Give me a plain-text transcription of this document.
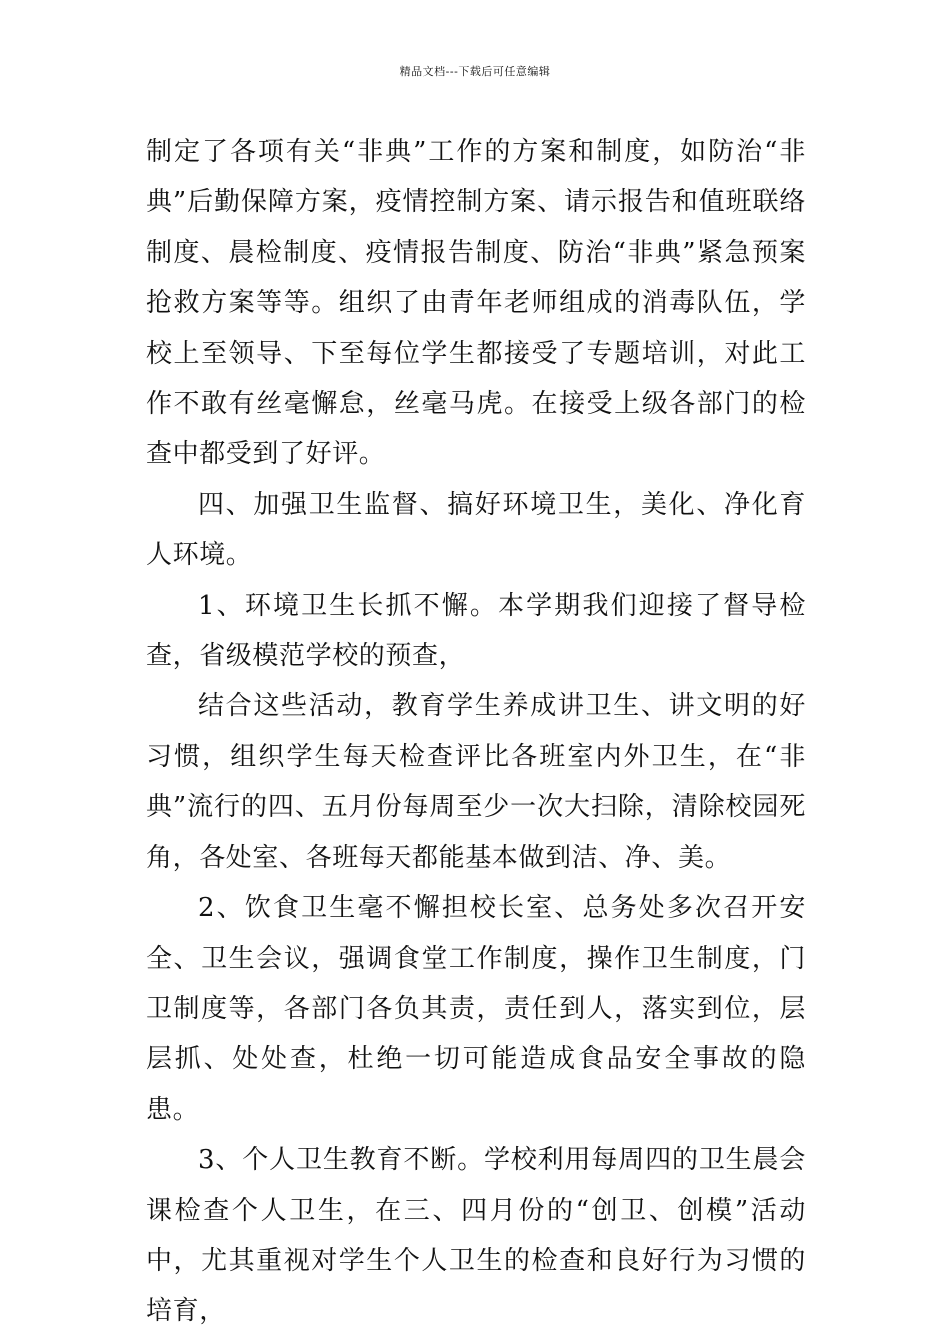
精品文档---下载后可任意编辑

制定了各项有关“非典”工作的方案和制度，如防治“非典”后勤保障方案，疫情控制方案、请示报告和值班联络制度、晨检制度、疫情报告制度、防治“非典”紧急预案抢救方案等等。组织了由青年老师组成的消毒队伍，学校上至领导、下至每位学生都接受了专题培训，对此工作不敢有丝毫懈怠，丝毫马虎。在接受上级各部门的检查中都受到了好评。

四、加强卫生监督、搞好环境卫生，美化、净化育人环境。

1、环境卫生长抓不懈。本学期我们迎接了督导检查，省级模范学校的预查，

结合这些活动，教育学生养成讲卫生、讲文明的好习惯，组织学生每天检查评比各班室内外卫生，在“非典”流行的四、五月份每周至少一次大扫除，清除校园死角，各处室、各班每天都能基本做到洁、净、美。

2、饮食卫生毫不懈担校长室、总务处多次召开安全、卫生会议，强调食堂工作制度，操作卫生制度，门卫制度等，各部门各负其责，责任到人，落实到位，层层抓、处处查，杜绝一切可能造成食品安全事故的隐患。

3、个人卫生教育不断。学校利用每周四的卫生晨会课检查个人卫生，在三、四月份的“创卫、创模”活动中，尤其重视对学生个人卫生的检查和良好行为习惯的培育，
